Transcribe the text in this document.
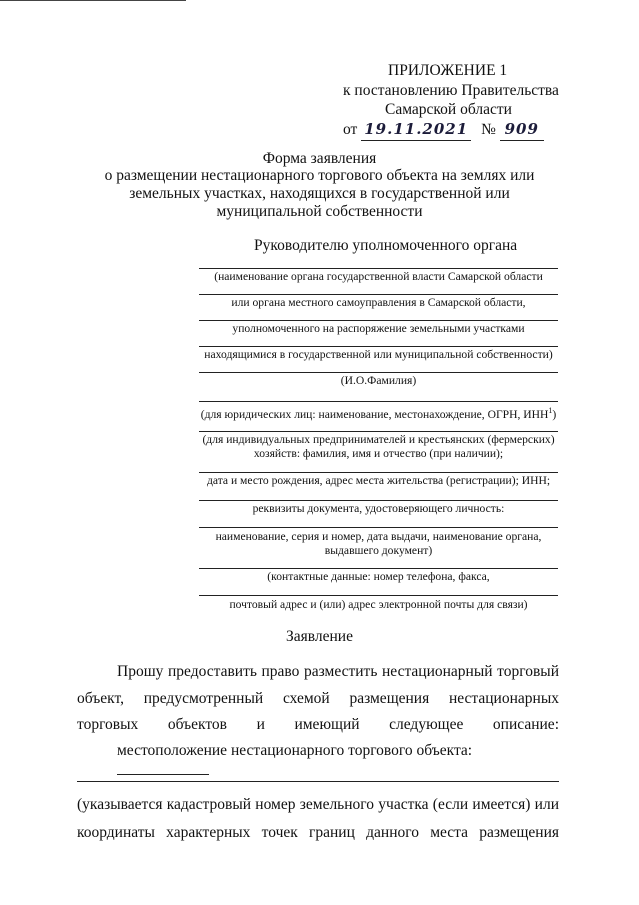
ПРИЛОЖЕНИЕ 1
к постановлению Правительства
Самарской области
от 19.11.2021 № 909
Форма заявления
о размещении нестационарного торгового объекта на землях или
земельных участках, находящихся в государственной или
муниципальной собственности
Руководителю уполномоченного органа
(наименование органа государственной власти Самарской области
или органа местного самоуправления в Самарской области,
уполномоченного на распоряжение земельными участками
находящимися в государственной или муниципальной собственности)
(И.О.Фамилия)
(для юридических лиц: наименование, местонахождение, ОГРН, ИНН$^1$)
(для индивидуальных предпринимателей и крестьянских (фермерских)
хозяйств: фамилия, имя и отчество (при наличии);
дата и место рождения, адрес места жительства (регистрации); ИНН;
реквизиты документа, удостоверяющего личность:
наименование, серия и номер, дата выдачи, наименование органа,
выдавшего документ)
(контактные данные: номер телефона, факса,
почтовый адрес и (или) адрес электронной почты для связи)
Заявление
Прошу предоставить право разместить нестационарный торговый
объект, предусмотренный схемой размещения нестационарных
торговых объектов и имеющий следующее описание:
местоположение нестационарного торгового объекта:
(указывается кадастровый номер земельного участка (если имеется) или
координаты характерных точек границ данного места размещения
